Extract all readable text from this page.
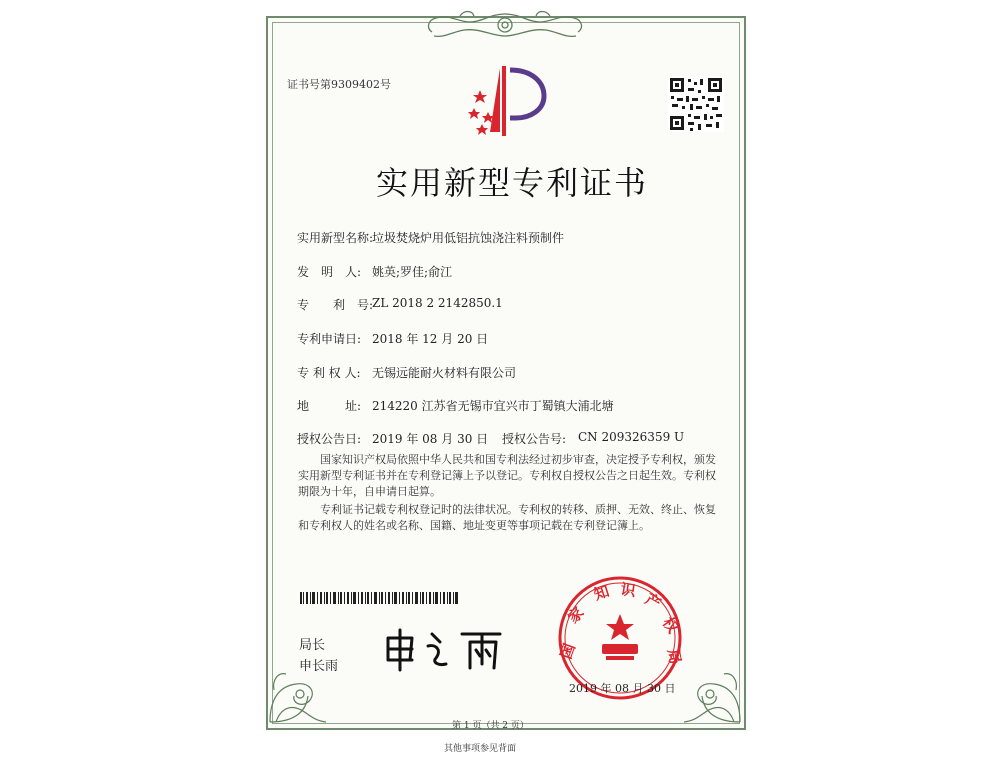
证书号第9309402号
实用新型专利证书
实用新型名称:
垃圾焚烧炉用低铝抗蚀浇注料预制件
发　明　人: 姚英;罗佳;俞江
专　　利　号:
ZL 2018 2 2142850.1
专利申请日: 2018 年 12 月 20 日
专 利 权 人: 无锡远能耐火材料有限公司
地　　　址: 214220 江苏省无锡市宜兴市丁蜀镇大浦北塘
授权公告日: 2019 年 08 月 30 日 授权公告号: CN 209326359 U
国家知识产权局依照中华人民共和国专利法经过初步审查，决定授予专利权，颁发实用新型专利证书并在专利登记簿上予以登记。专利权自授权公告之日起生效。专利权期限为十年，自申请日起算。
专利证书记载专利权登记时的法律状况。专利权的转移、质押、无效、终止、恢复和专利权人的姓名或名称、国籍、地址变更等事项记载在专利登记簿上。
局长
申长雨
国
家
知 识 产
权
局
2019 年 08 月 30 日
第 1 页（共 2 页）
其他事项参见背面
